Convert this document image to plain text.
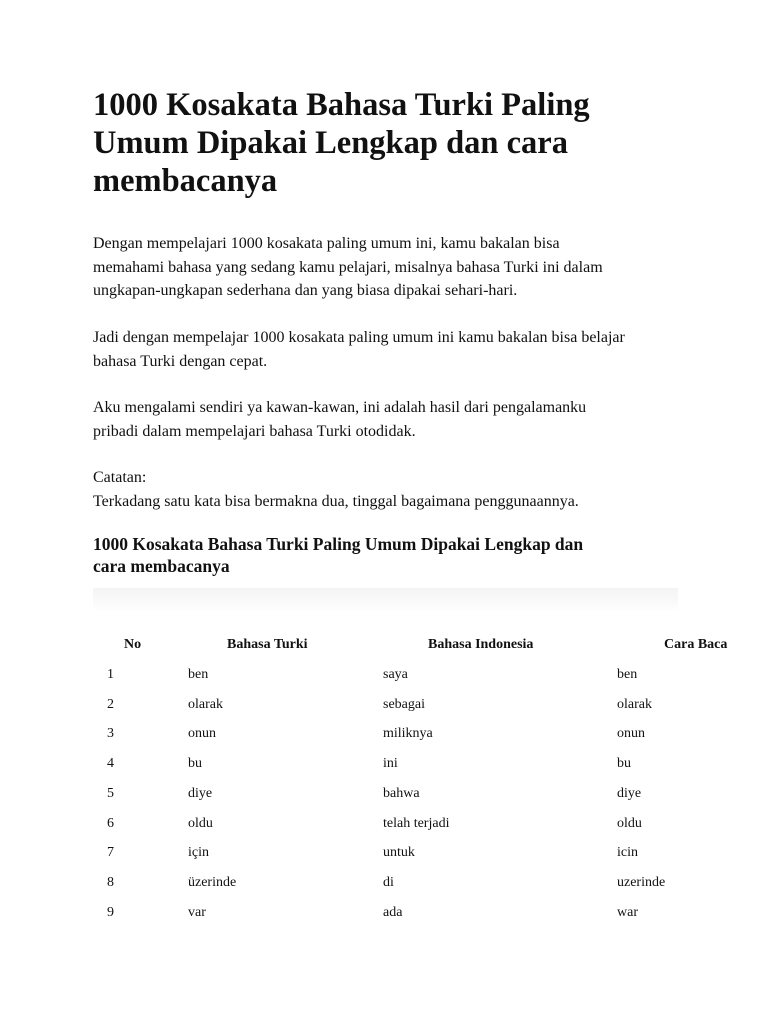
1000 Kosakata Bahasa Turki Paling
Umum Dipakai Lengkap dan cara
membacanya

Dengan mempelajari 1000 kosakata paling umum ini, kamu bakalan bisa
memahami bahasa yang sedang kamu pelajari, misalnya bahasa Turki ini dalam
ungkapan-ungkapan sederhana dan yang biasa dipakai sehari-hari.

Jadi dengan mempelajar 1000 kosakata paling umum ini kamu bakalan bisa belajar
bahasa Turki dengan cepat.

Aku mengalami sendiri ya kawan-kawan, ini adalah hasil dari pengalamanku
pribadi dalam mempelajari bahasa Turki otodidak.

Catatan:
Terkadang satu kata bisa bermakna dua, tinggal bagaimana penggunaannya.

1000 Kosakata Bahasa Turki Paling Umum Dipakai Lengkap dan
cara membacanya
No	Bahasa Turki	Bahasa Indonesia	Cara Baca
1	ben	saya	ben
2	olarak	sebagai	olarak
3	onun	miliknya	onun
4	bu	ini	bu
5	diye	bahwa	diye
6	oldu	telah terjadi	oldu
7	için	untuk	icin
8	üzerinde	di	uzerinde
9	var	ada	war
